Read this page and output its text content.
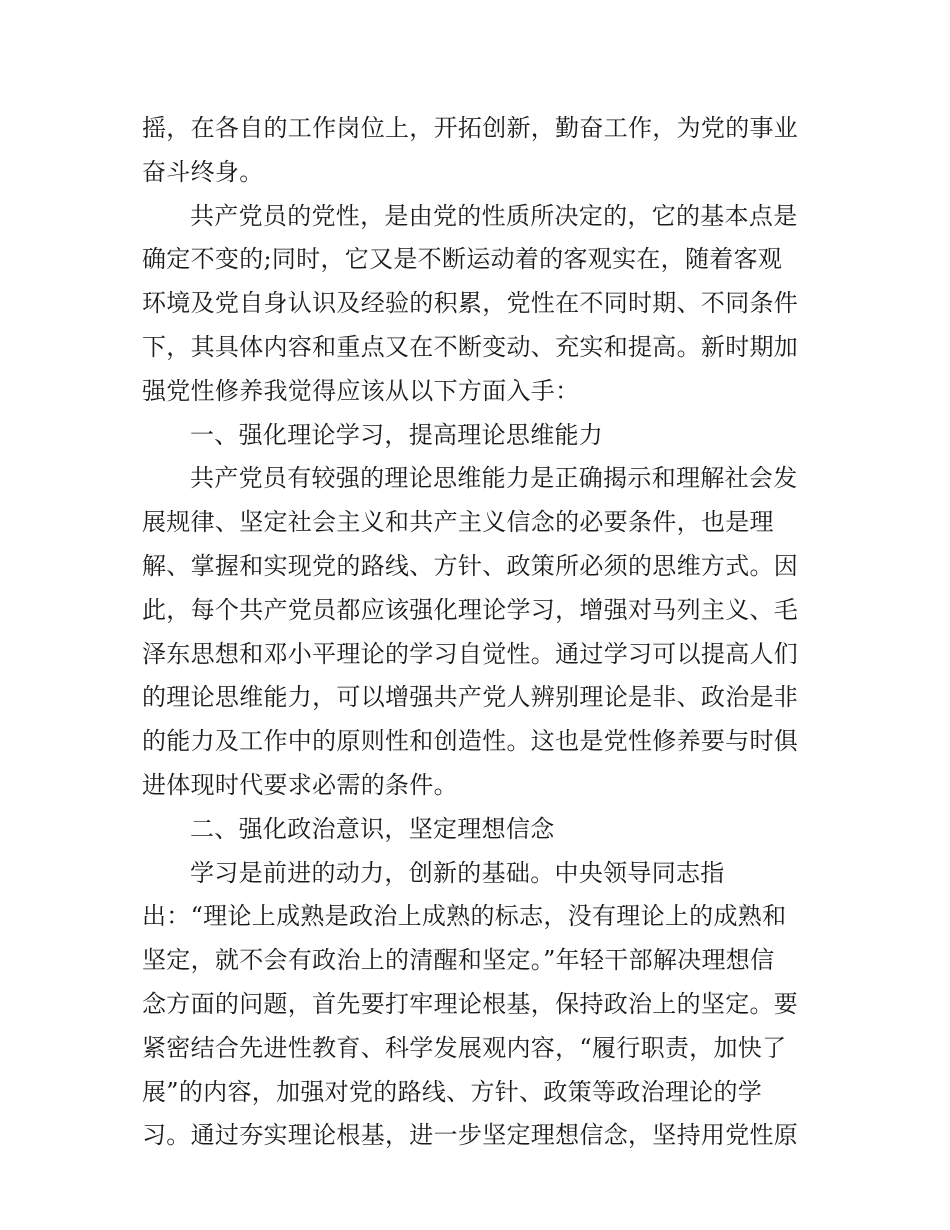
摇，在各自的工作岗位上，开拓创新，勤奋工作，为党的事业
奋斗终身。
共产党员的党性，是由党的性质所决定的，它的基本点是
确定不变的;同时，它又是不断运动着的客观实在，随着客观
环境及党自身认识及经验的积累，党性在不同时期、不同条件
下，其具体内容和重点又在不断变动、充实和提高。新时期加
强党性修养我觉得应该从以下方面入手：
一、强化理论学习，提高理论思维能力
共产党员有较强的理论思维能力是正确揭示和理解社会发
展规律、坚定社会主义和共产主义信念的必要条件，也是理
解、掌握和实现党的路线、方针、政策所必须的思维方式。因
此，每个共产党员都应该强化理论学习，增强对马列主义、毛
泽东思想和邓小平理论的学习自觉性。通过学习可以提高人们
的理论思维能力，可以增强共产党人辨别理论是非、政治是非
的能力及工作中的原则性和创造性。这也是党性修养要与时俱
进体现时代要求必需的条件。
二、强化政治意识，坚定理想信念
学习是前进的动力，创新的基础。中央领导同志指
出：“理论上成熟是政治上成熟的标志，没有理论上的成熟和
坚定，就不会有政治上的清醒和坚定。”年轻干部解决理想信
念方面的问题，首先要打牢理论根基，保持政治上的坚定。要
紧密结合先进性教育、科学发展观内容，“履行职责，加快了
展”的内容，加强对党的路线、方针、政策等政治理论的学
习。通过夯实理论根基，进一步坚定理想信念，坚持用党性原
